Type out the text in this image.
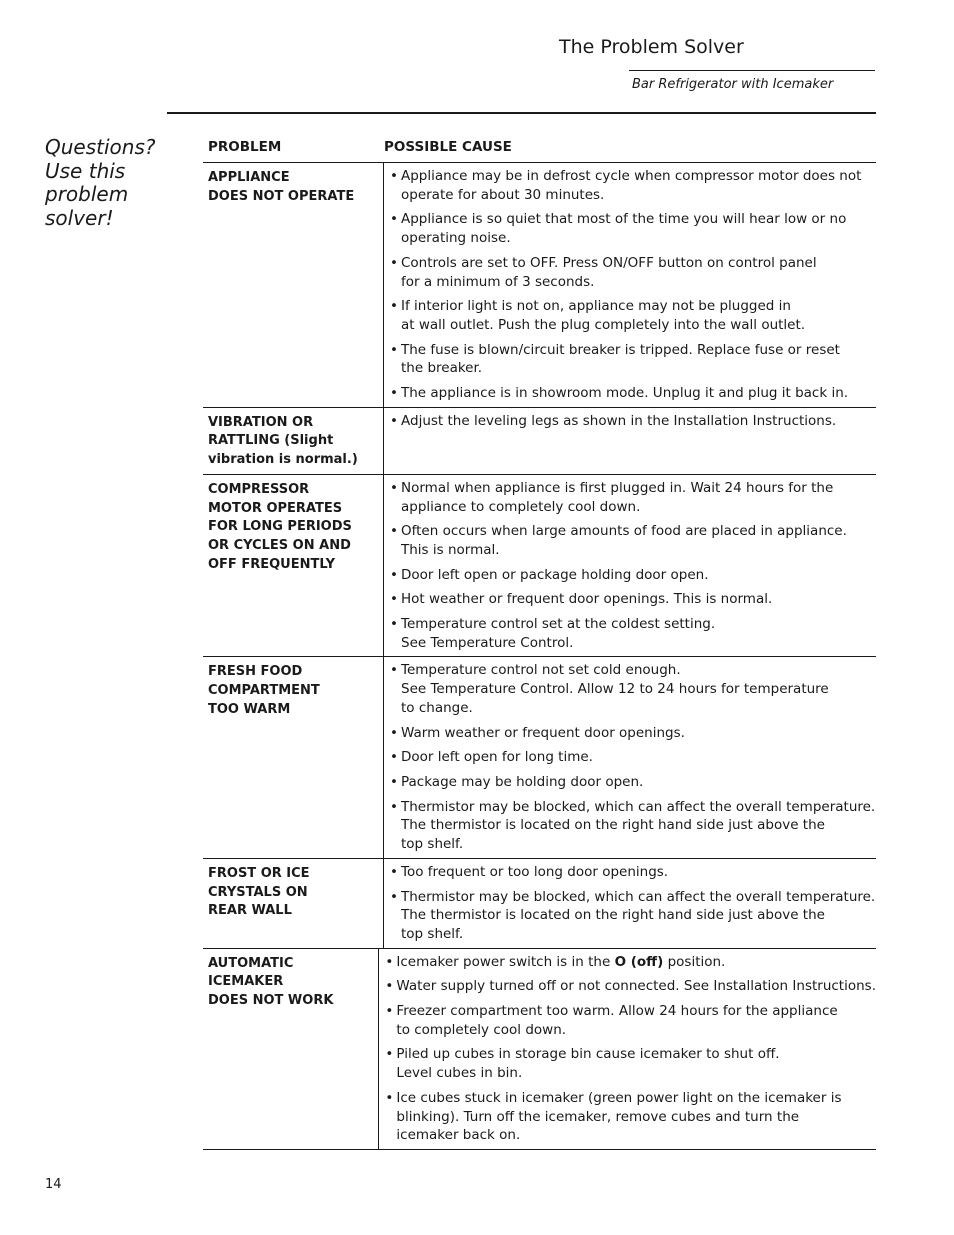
The Problem Solver
Bar Refrigerator with Icemaker
Questions?
Use this
problem
solver!
PROBLEM	POSSIBLE CAUSE
APPLIANCE
DOES NOT OPERATE
• Appliance may be in defrost cycle when compressor motor does not
operate for about 30 minutes.
• Appliance is so quiet that most of the time you will hear low or no
operating noise.
• Controls are set to OFF. Press ON/OFF button on control panel
for a minimum of 3 seconds.
• If interior light is not on, appliance may not be plugged in
at wall outlet. Push the plug completely into the wall outlet.
• The fuse is blown/circuit breaker is tripped. Replace fuse or reset
the breaker.
• The appliance is in showroom mode. Unplug it and plug it back in.
VIBRATION OR
RATTLING (Slight
vibration is normal.)
• Adjust the leveling legs as shown in the Installation Instructions.
COMPRESSOR
MOTOR OPERATES
FOR LONG PERIODS
OR CYCLES ON AND
OFF FREQUENTLY
• Normal when appliance is first plugged in. Wait 24 hours for the
appliance to completely cool down.
• Often occurs when large amounts of food are placed in appliance.
This is normal.
• Door left open or package holding door open.
• Hot weather or frequent door openings. This is normal.
• Temperature control set at the coldest setting.
See Temperature Control.
FRESH FOOD
COMPARTMENT
TOO WARM
• Temperature control not set cold enough.
See Temperature Control. Allow 12 to 24 hours for temperature
to change.
• Warm weather or frequent door openings.
• Door left open for long time.
• Package may be holding door open.
• Thermistor may be blocked, which can affect the overall temperature.
The thermistor is located on the right hand side just above the
top shelf.
FROST OR ICE
CRYSTALS ON
REAR WALL
• Too frequent or too long door openings.
• Thermistor may be blocked, which can affect the overall temperature.
The thermistor is located on the right hand side just above the
top shelf.
AUTOMATIC
ICEMAKER
DOES NOT WORK
• Icemaker power switch is in the O (off) position.
• Water supply turned off or not connected. See Installation Instructions.
• Freezer compartment too warm. Allow 24 hours for the appliance
to completely cool down.
• Piled up cubes in storage bin cause icemaker to shut off.
Level cubes in bin.
• Ice cubes stuck in icemaker (green power light on the icemaker is
blinking). Turn off the icemaker, remove cubes and turn the
icemaker back on.
14
